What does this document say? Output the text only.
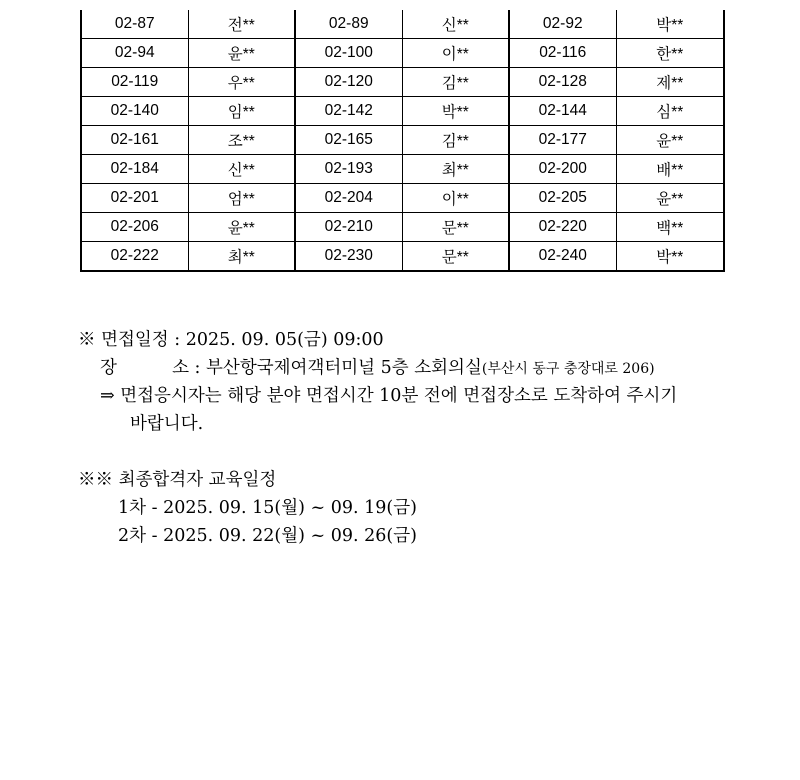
02-87	전**	02-89	신**	02-92	박**
02-94	윤**	02-100	이**	02-116	한**
02-119	우**	02-120	김**	02-128	제**
02-140	임**	02-142	박**	02-144	심**
02-161	조**	02-165	김**	02-177	윤**
02-184	신**	02-193	최**	02-200	배**
02-201	엄**	02-204	이**	02-205	윤**
02-206	윤**	02-210	문**	02-220	백**
02-222	최**	02-230	문**	02-240	박**
※ 면접일정 : 2025. 09. 05(금) 09:00
장	소 : 부산항국제여객터미널 5층 소회의실(부산시 동구 충장대로 206)
⇒ 면접응시자는 해당 분야 면접시간 10분 전에 면접장소로 도착하여 주시기
바랍니다.
※※ 최종합격자 교육일정
1차 - 2025. 09. 15(월) ~ 09. 19(금)
2차 - 2025. 09. 22(월) ~ 09. 26(금)
